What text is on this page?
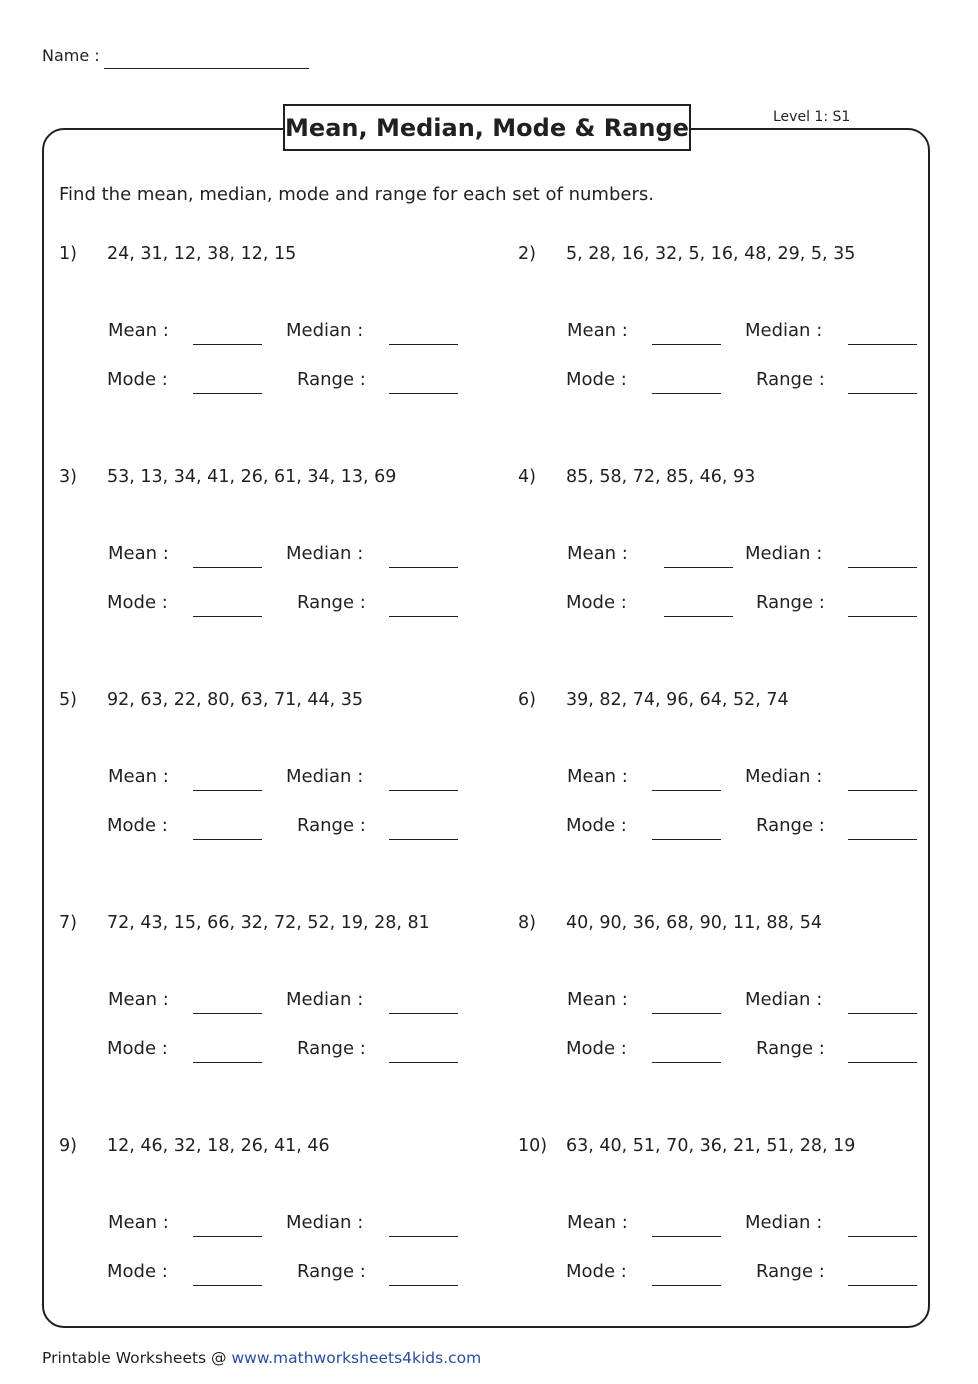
Name :
Mean, Median, Mode & Range	Level 1: S1
Find the mean, median, mode and range for each set of numbers.
1) 24, 31, 12, 38, 12, 15
Mean :	Median :
Mode :	Range :
2) 5, 28, 16, 32, 5, 16, 48, 29, 5, 35
Mean :	Median :
Mode :	Range :
3) 53, 13, 34, 41, 26, 61, 34, 13, 69
Mean :	Median :
Mode :	Range :
4) 85, 58, 72, 85, 46, 93
Mean :	Median :
Mode :	Range :
5) 92, 63, 22, 80, 63, 71, 44, 35
Mean :	Median :
Mode :	Range :
6) 39, 82, 74, 96, 64, 52, 74
Mean :	Median :
Mode :	Range :
7) 72, 43, 15, 66, 32, 72, 52, 19, 28, 81
Mean :	Median :
Mode :	Range :
8) 40, 90, 36, 68, 90, 11, 88, 54
Mean :	Median :
Mode :	Range :
9) 12, 46, 32, 18, 26, 41, 46
Mean :	Median :
Mode :	Range :
10) 63, 40, 51, 70, 36, 21, 51, 28, 19
Mean :	Median :
Mode :	Range :
Printable Worksheets @ www.mathworksheets4kids.com
